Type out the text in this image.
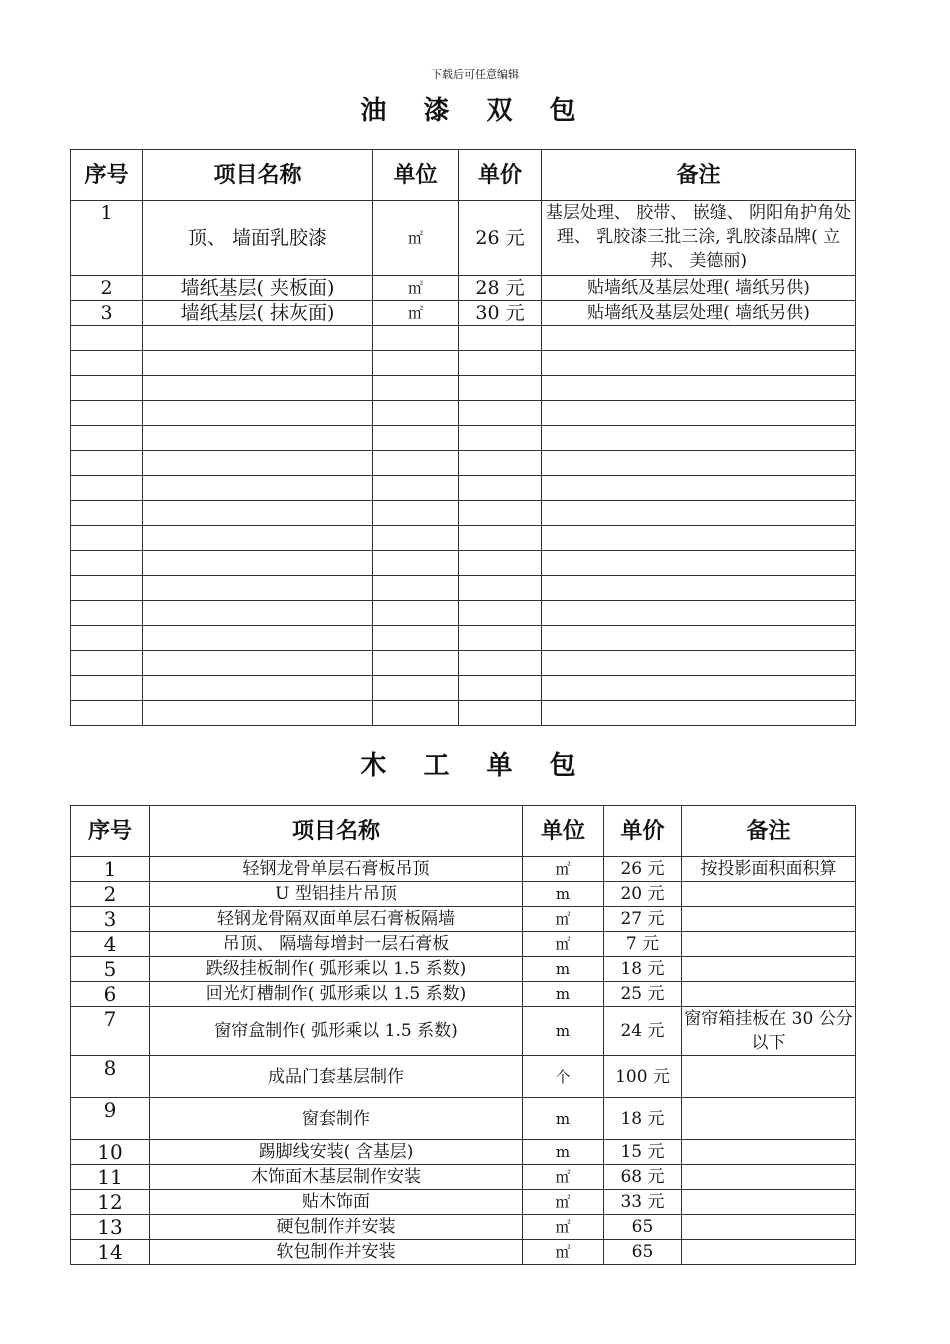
下载后可任意编辑
油 漆 双 包
序号	项目名称	单位	单价	备注
1	顶、 墙面乳胶漆	㎡	26 元	基层处理、 胶带、 嵌缝、 阴阳角护角处理、 乳胶漆三批三涂, 乳胶漆品牌( 立邦、 美德丽)
2	墙纸基层( 夹板面)	㎡	28 元	贴墙纸及基层处理( 墙纸另供)
3	墙纸基层( 抹灰面)	㎡	30 元	贴墙纸及基层处理( 墙纸另供)

木 工 单 包
序号	项目名称	单位	单价	备注
1	轻钢龙骨单层石膏板吊顶	㎡	26 元	按投影面积面积算
2	U 型铝挂片吊顶	m	20 元	
3	轻钢龙骨隔双面单层石膏板隔墙	㎡	27 元	
4	吊顶、 隔墙每增封一层石膏板	㎡	7 元	
5	跌级挂板制作( 弧形乘以 1.5 系数)	m	18 元	
6	回光灯槽制作( 弧形乘以 1.5 系数)	m	25 元	
7	窗帘盒制作( 弧形乘以 1.5 系数)	m	24 元	窗帘箱挂板在 30 公分以下
8	成品门套基层制作	个	100 元	
9	窗套制作	m	18 元	
10	踢脚线安装( 含基层)	m	15 元	
11	木饰面木基层制作安装	㎡	68 元	
12	贴木饰面	㎡	33 元	
13	硬包制作并安装	㎡	65	
14	软包制作并安装	㎡	65	
